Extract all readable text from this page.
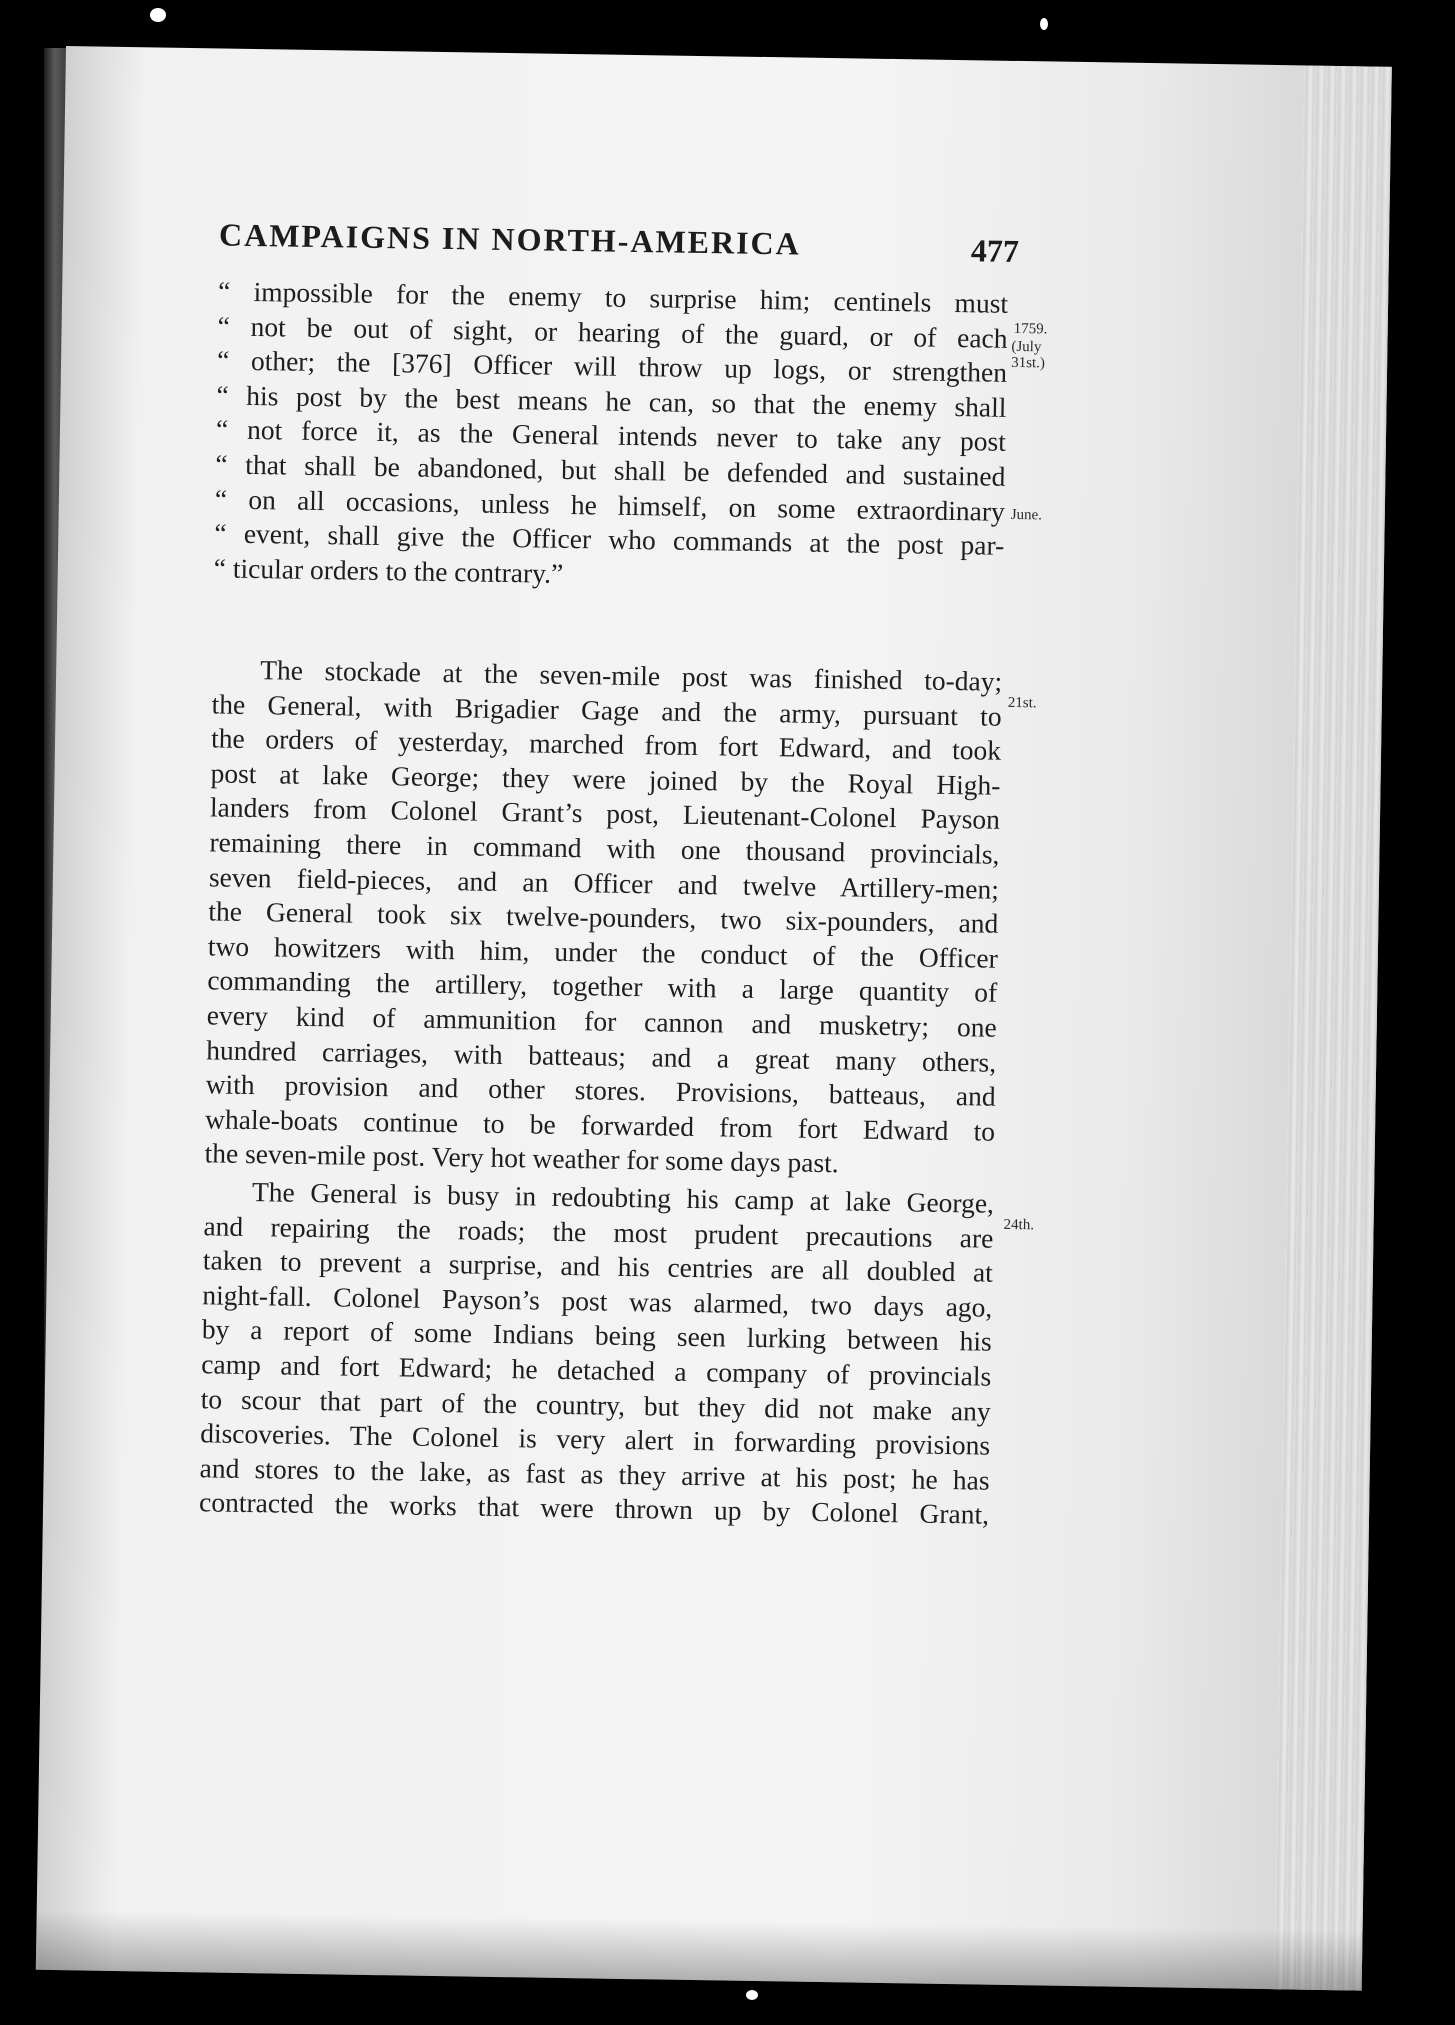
CAMPAIGNS IN NORTH-AMERICA	477
“ impossible for the enemy to surprise him; centinels must
“ not be out of sight, or hearing of the guard, or of each
“ other; the [376] Officer will throw up logs, or strengthen
“ his post by the best means he can, so that the enemy shall
“ not force it, as the General intends never to take any post
“ that shall be abandoned, but shall be defended and sustained
“ on all occasions, unless he himself, on some extraordinary
“ event, shall give the Officer who commands at the post par-
“ ticular orders to the contrary.”
The stockade at the seven-mile post was finished to-day;
the General, with Brigadier Gage and the army, pursuant to
the orders of yesterday, marched from fort Edward, and took
post at lake George; they were joined by the Royal High-
landers from Colonel Grant’s post, Lieutenant-Colonel Payson
remaining there in command with one thousand provincials,
seven field-pieces, and an Officer and twelve Artillery-men;
the General took six twelve-pounders, two six-pounders, and
two howitzers with him, under the conduct of the Officer
commanding the artillery, together with a large quantity of
every kind of ammunition for cannon and musketry; one
hundred carriages, with batteaus; and a great many others,
with provision and other stores. Provisions, batteaus, and
whale-boats continue to be forwarded from fort Edward to
the seven-mile post. Very hot weather for some days past.
The General is busy in redoubting his camp at lake George,
and repairing the roads; the most prudent precautions are
taken to prevent a surprise, and his centries are all doubled at
night-fall. Colonel Payson’s post was alarmed, two days ago,
by a report of some Indians being seen lurking between his
camp and fort Edward; he detached a company of provincials
to scour that part of the country, but they did not make any
discoveries. The Colonel is very alert in forwarding provisions
and stores to the lake, as fast as they arrive at his post; he has
contracted the works that were thrown up by Colonel Grant,
1759.
(July
31st.)
June.
21st.
24th.
